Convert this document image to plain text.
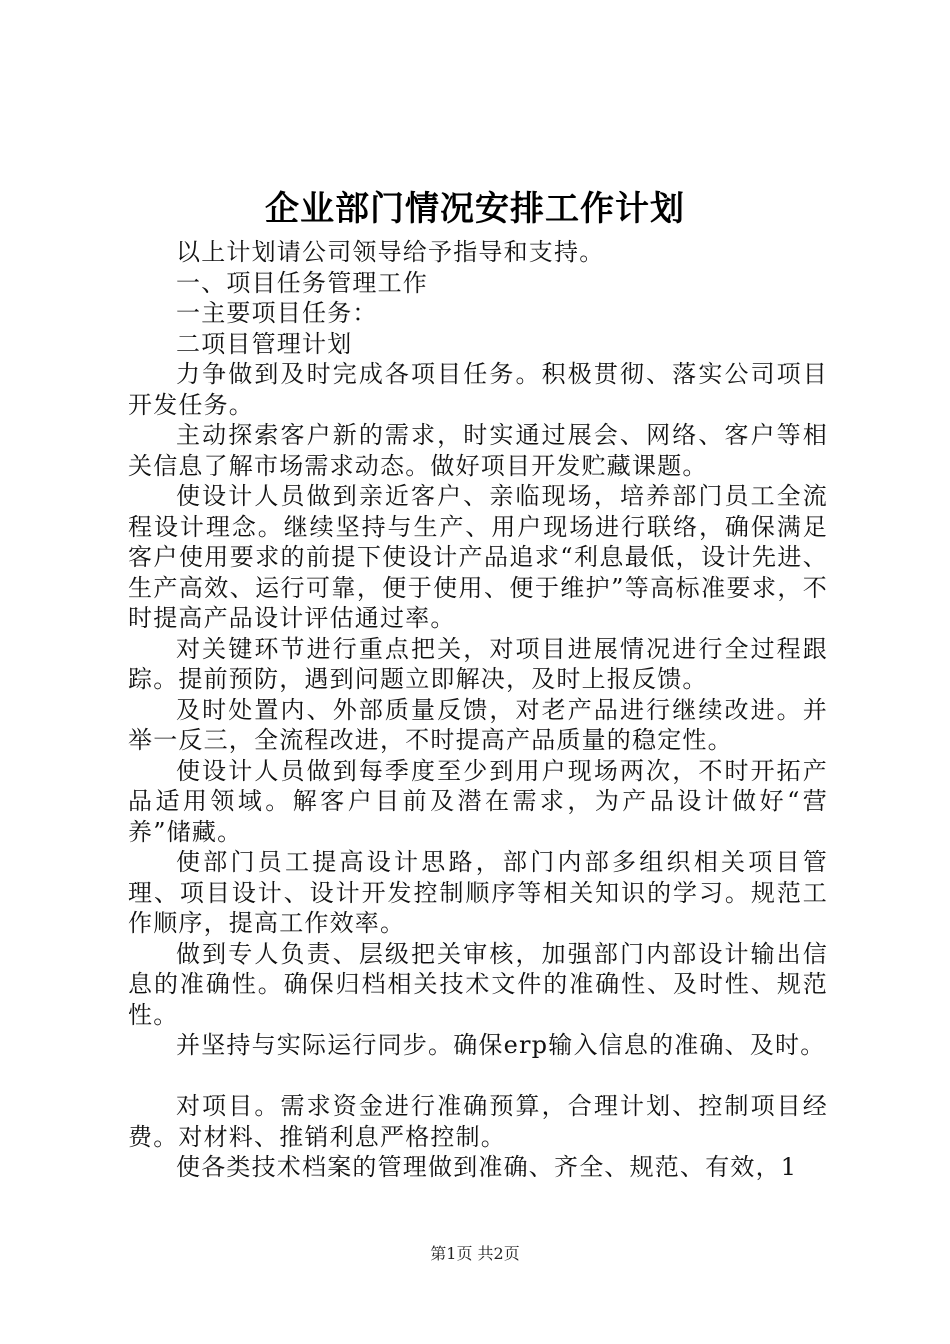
企业部门情况安排工作计划

以上计划请公司领导给予指导和支持。

一、项目任务管理工作

一主要项目任务：

二项目管理计划

力争做到及时完成各项目任务。积极贯彻、落实公司项目开发任务。

主动探索客户新的需求，时实通过展会、网络、客户等相关信息了解市场需求动态。做好项目开发贮藏课题。

使设计人员做到亲近客户、亲临现场，培养部门员工全流程设计理念。继续坚持与生产、用户现场进行联络，确保满足客户使用要求的前提下使设计产品追求“利息最低，设计先进、生产高效、运行可靠，便于使用、便于维护”等高标准要求，不时提高产品设计评估通过率。

对关键环节进行重点把关，对项目进展情况进行全过程跟踪。提前预防，遇到问题立即解决，及时上报反馈。

及时处置内、外部质量反馈，对老产品进行继续改进。并举一反三，全流程改进，不时提高产品质量的稳定性。

使设计人员做到每季度至少到用户现场两次，不时开拓产品适用领域。解客户目前及潜在需求，为产品设计做好“营养”储藏。

使部门员工提高设计思路，部门内部多组织相关项目管理、项目设计、设计开发控制顺序等相关知识的学习。规范工作顺序，提高工作效率。

做到专人负责、层级把关审核，加强部门内部设计输出信息的准确性。确保归档相关技术文件的准确性、及时性、规范性。

并坚持与实际运行同步。确保erp输入信息的准确、及时。

对项目。需求资金进行准确预算，合理计划、控制项目经费。对材料、推销利息严格控制。

使各类技术档案的管理做到准确、齐全、规范、有效，1

第1页 共2页
